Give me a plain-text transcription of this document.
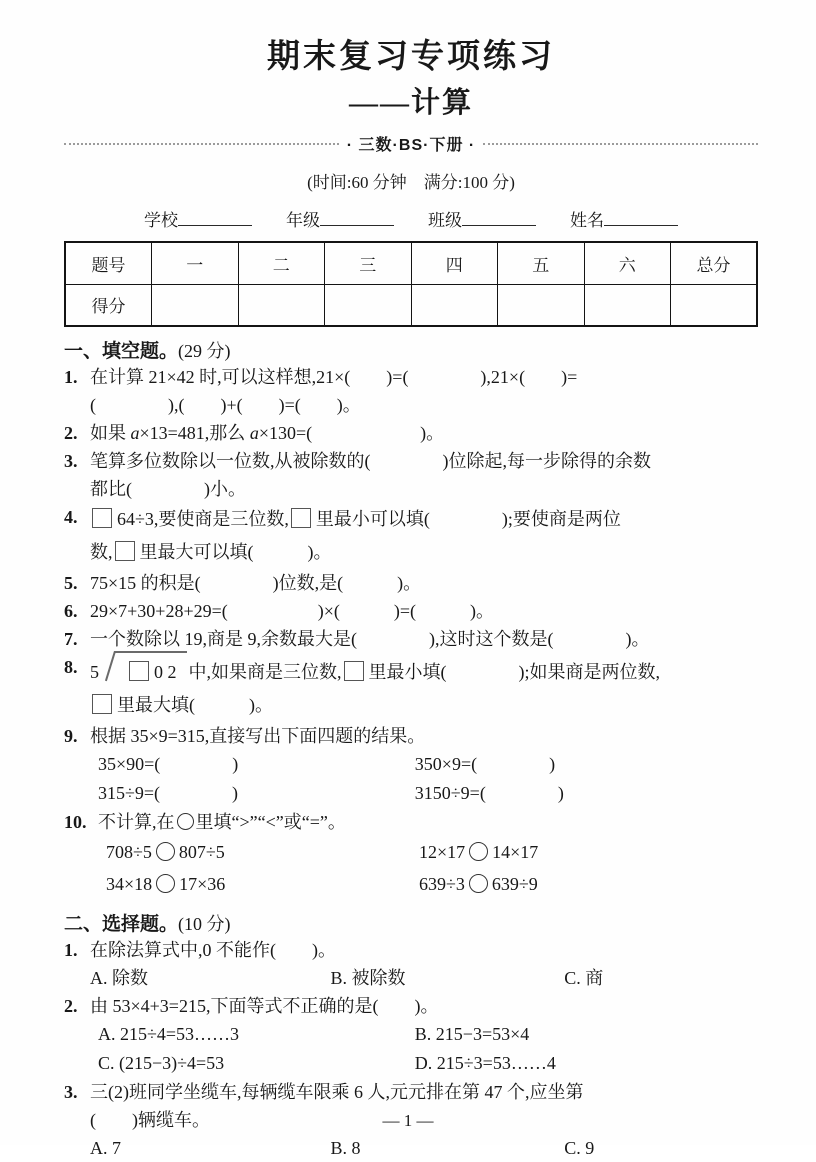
期末复习专项练习
——计算
· 三数·BS·下册 ·
(时间:60 分钟　满分:100 分)
学校	年级	班级	姓名
题号	一	二	三	四	五	六	总分
得分							
一、填空题。(29 分)
1. 在计算 21×42 时,可以这样想,21×(　　)=(　　　　),21×(　　)=
(　　　　),(　　)+(　　)=(　　)。
2. 如果 a×13=481,那么 a×130=(　　　　　　)。
3. 笔算多位数除以一位数,从被除数的(　　　　)位除起,每一步除得的余数
都比(　　　　)小。
4.	64÷3,要使商是三位数, 里最小可以填(　　　　);要使商是两位
数, 里最大可以填(　　　)。
5. 75×15 的积是(　　　　)位数,是(　　　)。
6. 29×7+30+28+29=(　　　　　)×(　　　)=(　　　)。
7. 一个数除以 19,商是 9,余数最大是(　　　　),这时这个数是(　　　　)。
8. 5	0 2 中,如果商是三位数, 里最小填(　　　　);如果商是两位数,
里最大填(　　　)。
9. 根据 35×9=315,直接写出下面四题的结果。
35×90=(　　　　)	350×9=(　　　　)
315÷9=(　　　　)	3150÷9=(　　　　)
10. 不计算,在 里填“>”“<”或“=”。
708÷5 807÷5	12×17 14×17
34×18 17×36	639÷3 639÷9
二、选择题。(10 分)
1. 在除法算式中,0 不能作(　　)。
A. 除数	B. 被除数	C. 商
2. 由 53×4+3=215,下面等式不正确的是(　　)。
A. 215÷4=53……3	B. 215−3=53×4
C. (215−3)÷4=53	D. 215÷3=53……4
3. 三(2)班同学坐缆车,每辆缆车限乘 6 人,元元排在第 47 个,应坐第
(　　)辆缆车。
A. 7	B. 8	C. 9
— 1 —
